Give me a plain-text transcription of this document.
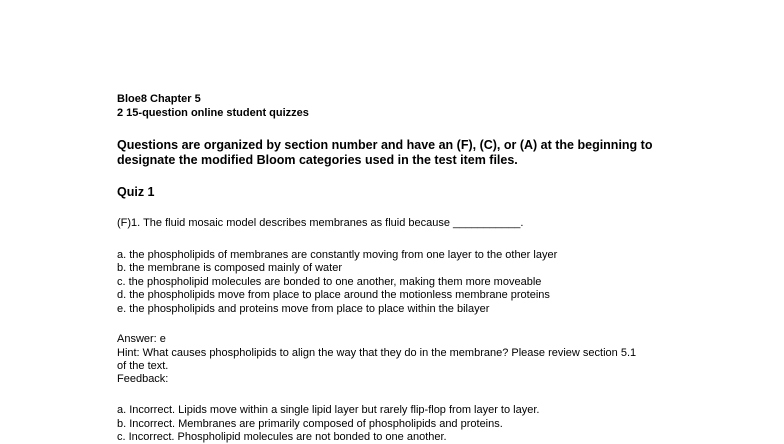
Bloe8 Chapter 5
2 15-question online student quizzes
Questions are organized by section number and have an (F), (C), or (A) at the beginning to
designate the modified Bloom categories used in the test item files.
Quiz 1
(F)1. The fluid mosaic model describes membranes as fluid because ___________.
a. the phospholipids of membranes are constantly moving from one layer to the other layer
b. the membrane is composed mainly of water
c. the phospholipid molecules are bonded to one another, making them more moveable
d. the phospholipids move from place to place around the motionless membrane proteins
e. the phospholipids and proteins move from place to place within the bilayer
Answer: e
Hint: What causes phospholipids to align the way that they do in the membrane? Please review section 5.1
of the text.
Feedback:
a. Incorrect. Lipids move within a single lipid layer but rarely flip-flop from layer to layer.
b. Incorrect. Membranes are primarily composed of phospholipids and proteins.
c. Incorrect. Phospholipid molecules are not bonded to one another.
